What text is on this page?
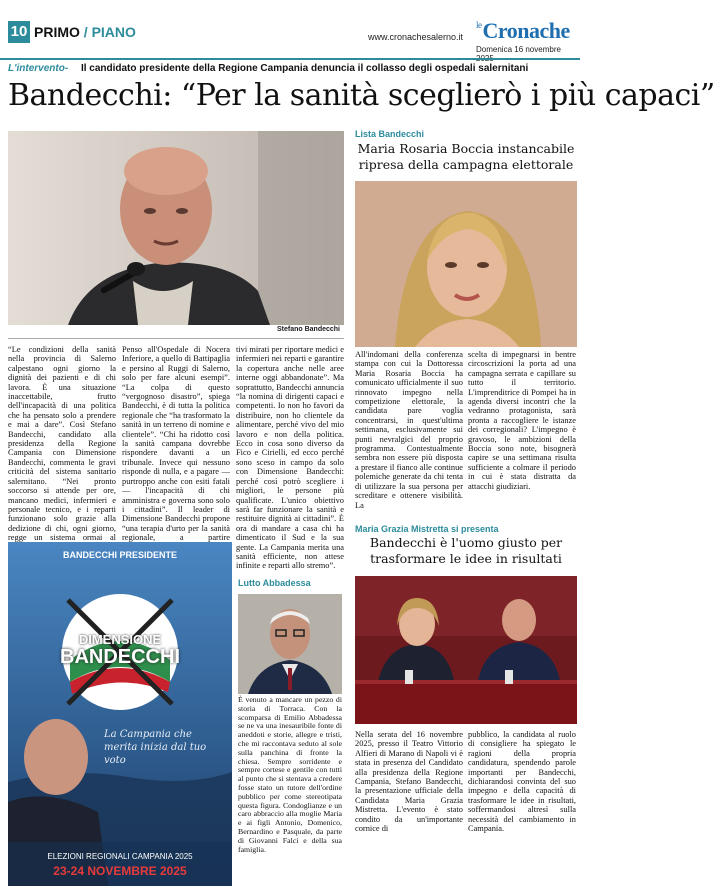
10 PRIMO / PIANO	www.cronachesalerno.it
$^{le}$Cronache
Domenica 16 novembre
L'intervento- Il candidato presidente della Regione Campania denuncia il collasso degli ospedali salernitani
Bandecchi: “Per la sanità sceglierò i più capaci”
Stefano Bandecchi
“Le condizioni della sanità nella provincia di Salerno calpestano ogni giorno la dignità dei pazienti e di chi lavora. È una situazione inaccettabile, frutto dell'incapacità di una politica che ha pensato solo a prendere e mai a dare”. Così Stefano Bandecchi, candidato alla presidenza della Regione Campania con Dimensione Bandecchi, commenta le gravi criticità del sistema sanitario salernitano. “Nei pronto soccorso si attende per ore, mancano medici, infermieri e personale tecnico, e i reparti funzionano solo grazie alla dedizione di chi, ogni giorno, regge un sistema ormai al
Penso all'Ospedale di Nocera Inferiore, a quello di Battipaglia e persino al Ruggi di Salerno, solo per fare alcuni esempi”. “La colpa di questo “vergognoso disastro”, spiega Bandecchi, è di tutta la politica regionale che “ha trasformato la sanità in un terreno di nomine e clientele”. “Chi ha ridotto così la sanità campana dovrebbe rispondere davanti a un tribunale. Invece qui nessuno risponde di nulla, e a pagare — purtroppo anche con esiti fatali — l'incapacità di chi amministra e governa sono solo i cittadini”. Il leader di Dimensione Bandecchi propone “una terapia d'urto per la sanità regionale, a partire
tivi mirati per riportare medici e infermieri nei reparti e garantire la copertura anche nelle aree interne oggi abbandonate”. Ma soprattutto, Bandecchi annuncia “la nomina di dirigenti capaci e competenti. Io non ho favori da distribuire, non ho clientele da alimentare, perché vivo del mio lavoro e non della politica. Ecco in cosa sono diverso da Fico e Cirielli, ed ecco perché sono sceso in campo da solo con Dimensione Bandecchi: perché così potrò scegliere i migliori, le persone più qualificate. L'unico obiettivo sarà far funzionare la sanità e restituire dignità ai cittadini”. È ora di mandare a casa chi ha dimenticato il Sud e la sua gente. La Campania merita una sanità efficiente, non attese infinite e reparti allo stremo”.
BANDECCHI PRESIDENTE
DIMENSIONE
BANDECCHI
La Campania che merita inizia dal tuo voto
ELEZIONI REGIONALI CAMPANIA 2025
23-24 NOVEMBRE 2025
Lutto Abbadessa
È venuto a mancare un pezzo di storia di Torraca. Con la scomparsa di Emilio Abbadessa se ne va una inesauribile fonte di aneddoti e storie, allegre e tristi, che mi raccontava seduto al sole sulla panchina di fronte la chiesa. Sempre sorridente e sempre cortese e gentile con tutti al punto che si stentava a credere fosse stato un tutore dell'ordine pubblico per come stereotipata questa figura. Condoglianze e un caro abbraccio alla moglie Maria e ai figli Antonio, Domenico, Bernardino e Pasquale, da parte di Giovanni Falci e della sua famiglia.
Lista Bandecchi
Maria Rosaria Boccia instancabile ripresa della campagna elettorale
All'indomani della conferenza stampa con cui la Dottoressa Maria Rosaria Boccia ha comunicato ufficialmente il suo rinnovato impegno nella competizione elettorale, la candidata pare voglia concentrarsi, in quest'ultima settimana, esclusivamente sui punti nevralgici del proprio programma. Contestualmente sembra non essere più disposta a prestare il fianco alle continue polemiche generate da chi tenta di utilizzare la sua persona per screditare e ottenere visibilità. La
scelta di impegnarsi in bentre circoscrizioni la porta ad una campagna serrata e capillare su tutto il territorio. L'imprenditrice di Pompei ha in agenda diversi incontri che la vedranno protagonista, sarà pronta a raccogliere le istanze dei corregionali? L'impegno è gravoso, le ambizioni della Boccia sono note, bisognerà capire se una settimana risulta sufficiente a colmare il periodo in cui è stata distratta da attacchi giudiziari.
Maria Grazia Mistretta si presenta
Bandecchi è l'uomo giusto per trasformare le idee in risultati
Nella serata del 16 novembre 2025, presso il Teatro Vittorio Alfieri di Marano di Napoli vi è stata in presenza del Candidato alla presidenza della Regione Campania, Stefano Bandecchi, la presentazione ufficiale della Candidata Maria Grazia Mistretta. L'evento è stato condito da un'importante cornice di
pubblico, la candidata al ruolo di consigliere ha spiegato le ragioni della propria candidatura, spendendo parole importanti per Bandecchi, dichiarandosi convinta del suo impegno e della capacità di trasformare le idee in risultati, soffermandosi altresì sulla necessità del cambiamento in Campania.
